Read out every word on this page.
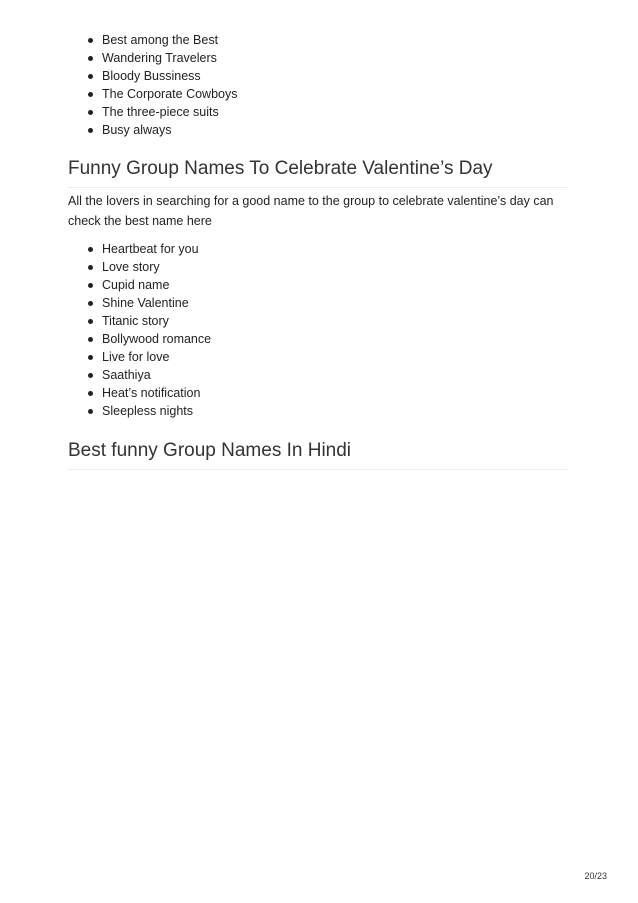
Best among the Best
Wandering Travelers
Bloody Bussiness
The Corporate Cowboys
The three-piece suits
Busy always
Funny Group Names To Celebrate Valentine’s Day

All the lovers in searching for a good name to the group to celebrate valentine’s day can check the best name here

Heartbeat for you
Love story
Cupid name
Shine Valentine
Titanic story
Bollywood romance
Live for love
Saathiya
Heat’s notification
Sleepless nights
Best funny Group Names In Hindi
20/23
